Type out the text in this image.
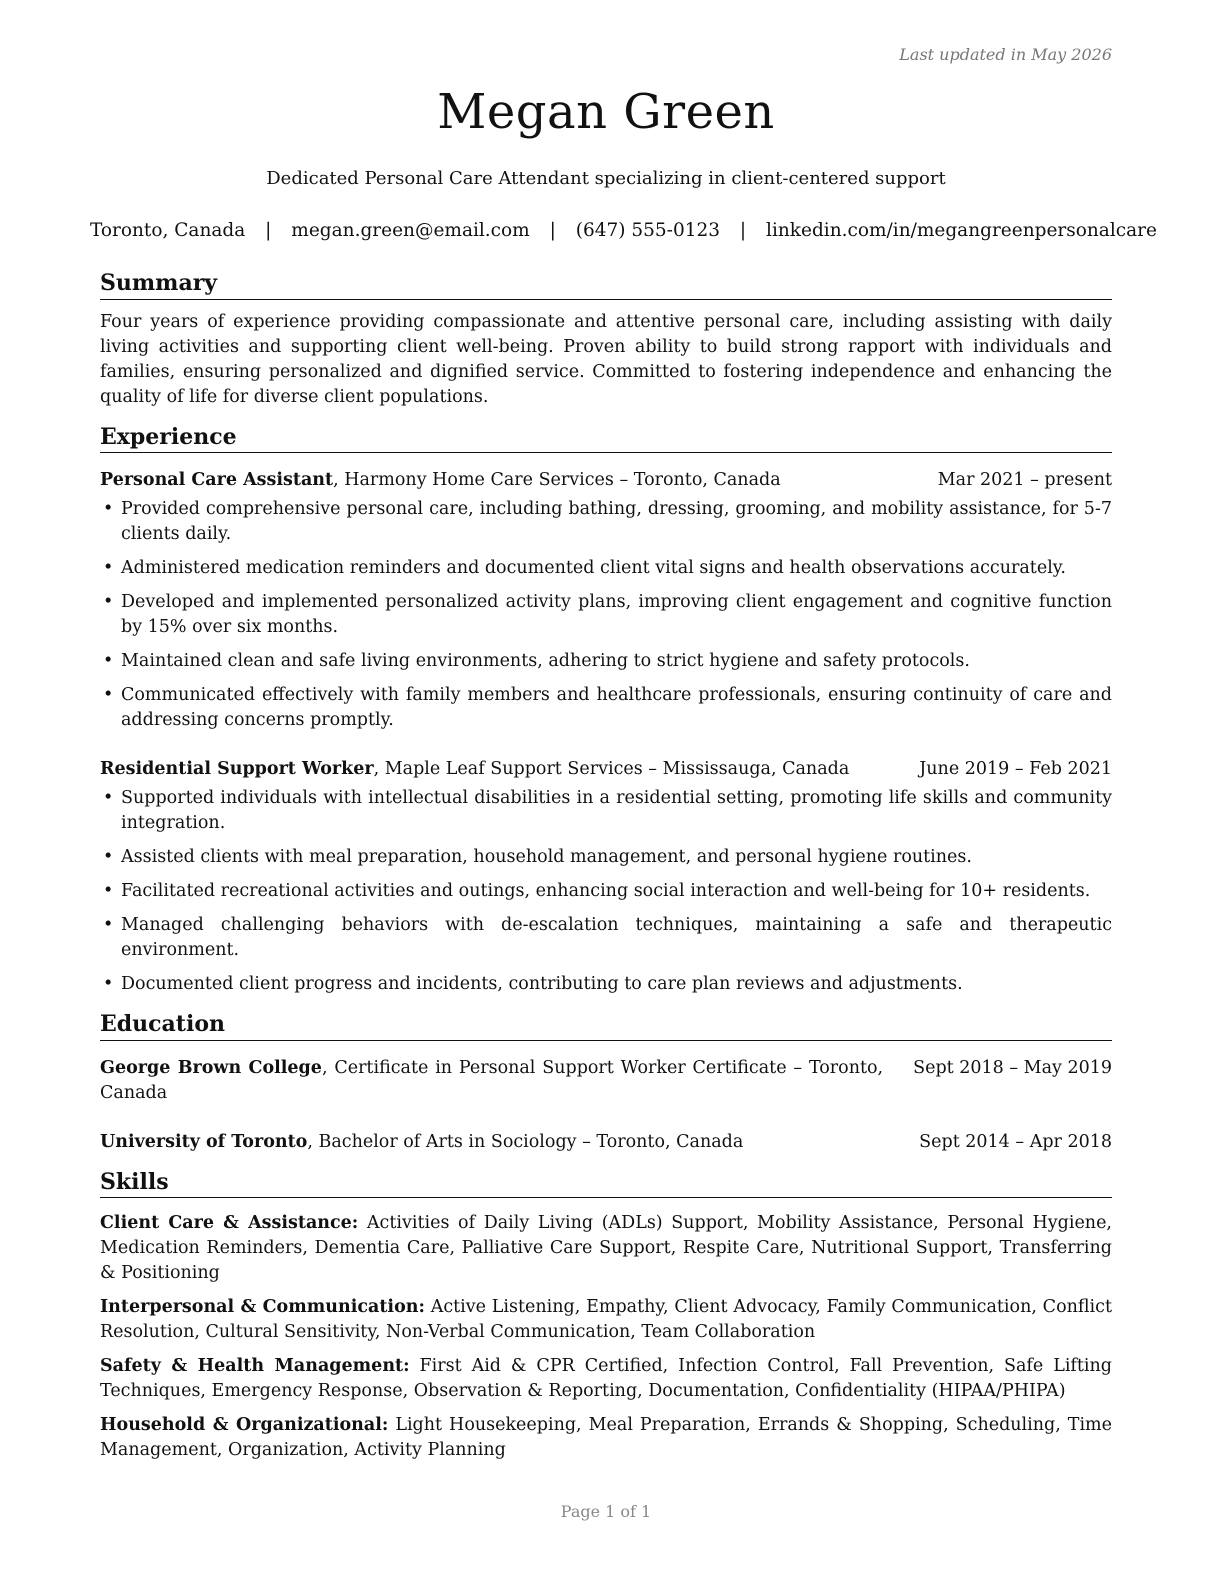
Last updated in May 2026
Megan Green
Dedicated Personal Care Attendant specializing in client-centered support
Toronto, Canada | megan.green@email.com | (647) 555-0123 | linkedin.com/in/megangreenpersonalcare
Summary

Four years of experience providing compassionate and attentive personal care, including assisting with daily living activities and supporting client well-being. Proven ability to build strong rapport with individuals and families, ensuring personalized and dignified service. Committed to fostering independence and enhancing the quality of life for diverse client populations.

Experience
Personal Care Assistant, Harmony Home Care Services – Toronto, Canada	Mar 2021 – present
• Provided comprehensive personal care, including bathing, dressing, grooming, and mobility assistance, for 5-7 clients daily.
• Administered medication reminders and documented client vital signs and health observations accurately.
• Developed and implemented personalized activity plans, improving client engagement and cognitive function by 15% over six months.
• Maintained clean and safe living environments, adhering to strict hygiene and safety protocols.
• Communicated effectively with family members and healthcare professionals, ensuring continuity of care and addressing concerns promptly.
Residential Support Worker, Maple Leaf Support Services – Mississauga, Canada	June 2019 – Feb 2021
• Supported individuals with intellectual disabilities in a residential setting, promoting life skills and community integration.
• Assisted clients with meal preparation, household management, and personal hygiene routines.
• Facilitated recreational activities and outings, enhancing social interaction and well-being for 10+ residents.
• Managed challenging behaviors with de-escalation techniques, maintaining a safe and therapeutic environment.
• Documented client progress and incidents, contributing to care plan reviews and adjustments.
Education
George Brown College, Certificate in Personal Support Worker Certificate – Toronto, Canada
Sept 2018 – May 2019
University of Toronto, Bachelor of Arts in Sociology – Toronto, Canada	Sept 2014 – Apr 2018
Skills
Client Care & Assistance: Activities of Daily Living (ADLs) Support, Mobility Assistance, Personal Hygiene, Medication Reminders, Dementia Care, Palliative Care Support, Respite Care, Nutritional Support, Transferring & Positioning
Interpersonal & Communication: Active Listening, Empathy, Client Advocacy, Family Communication, Conflict Resolution, Cultural Sensitivity, Non-Verbal Communication, Team Collaboration
Safety & Health Management: First Aid & CPR Certified, Infection Control, Fall Prevention, Safe Lifting Techniques, Emergency Response, Observation & Reporting, Documentation, Confidentiality (HIPAA/PHIPA)
Household & Organizational: Light Housekeeping, Meal Preparation, Errands & Shopping, Scheduling, Time Management, Organization, Activity Planning
Page 1 of 1
